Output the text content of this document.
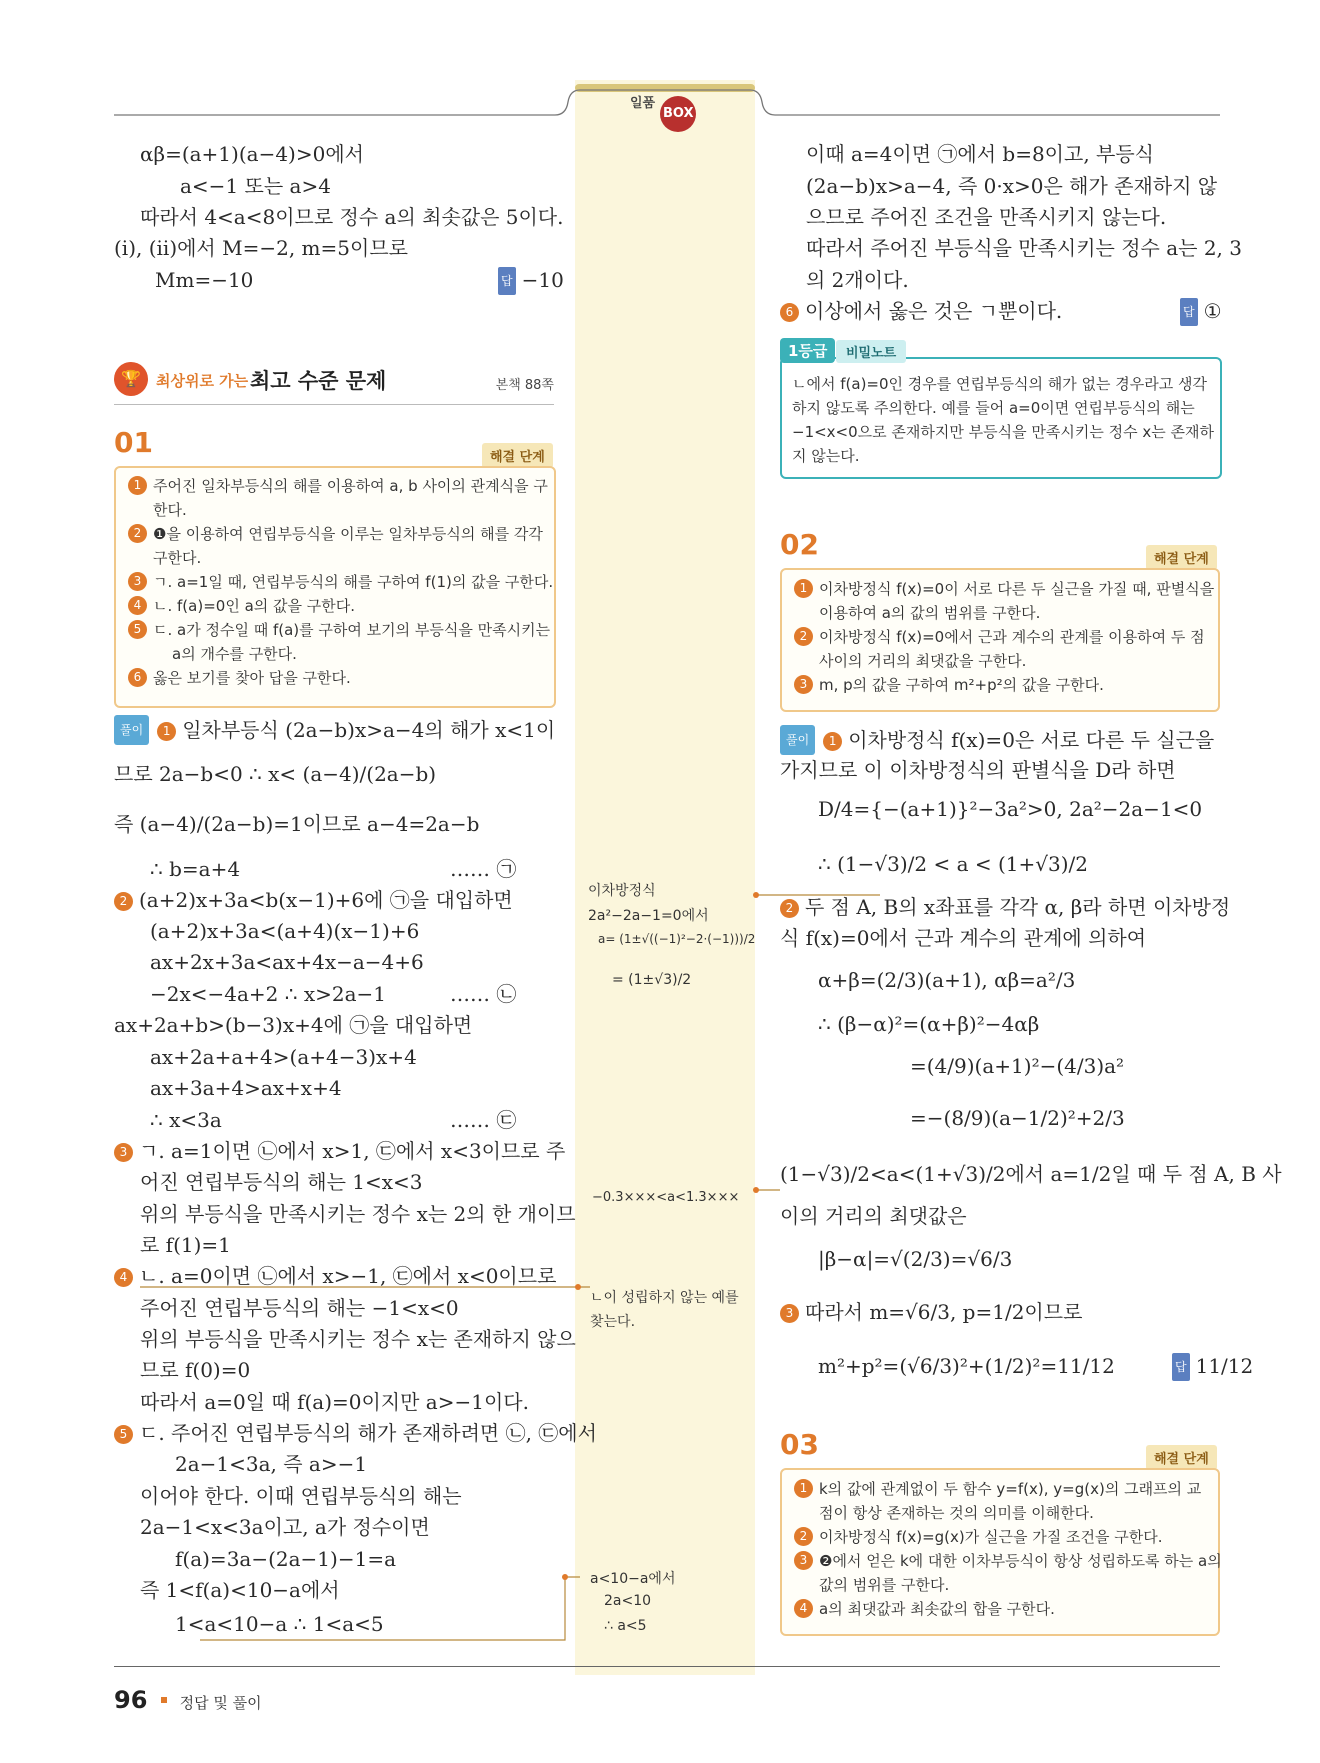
$^{일품}$ BOX
αβ=(a+1)(a−4)>0에서
a<−1 또는 a>4
따라서 4<a<8이므로 정수 a의 최솟값은 5이다.
(i), (ii)에서 M=−2, m=5이므로
Mm=−10	답 −10
🏆	최상위로 가는 최고 수준 문제	본책 88쪽
01	해결 단계
1 주어진 일차부등식의 해를 이용하여 a, b 사이의 관계식을 구
한다.
2 ❶을 이용하여 연립부등식을 이루는 일차부등식의 해를 각각
구한다.
3 ㄱ. a=1일 때, 연립부등식의 해를 구하여 f(1)의 값을 구한다.
4 ㄴ. f(a)=0인 a의 값을 구한다.
5 ㄷ. a가 정수일 때 f(a)를 구하여 보기의 부등식을 만족시키는
a의 개수를 구한다.
6 옳은 보기를 찾아 답을 구한다.
풀이 1 일차부등식 (2a−b)x>a−4의 해가 x<1이
므로 2a−b<0 ∴ x< (a−4)/(2a−b)
즉 (a−4)/(2a−b)=1이므로 a−4=2a−b
∴ b=a+4	…… ㉠
2 (a+2)x+3a<b(x−1)+6에 ㉠을 대입하면
(a+2)x+3a<(a+4)(x−1)+6
ax+2x+3a<ax+4x−a−4+6
−2x<−4a+2 ∴ x>2a−1	…… ㉡
ax+2a+b>(b−3)x+4에 ㉠을 대입하면
ax+2a+a+4>(a+4−3)x+4
ax+3a+4>ax+x+4
∴ x<3a	…… ㉢
3 ㄱ. a=1이면 ㉡에서 x>1, ㉢에서 x<3이므로 주
어진 연립부등식의 해는 1<x<3
위의 부등식을 만족시키는 정수 x는 2의 한 개이므
로 f(1)=1
4 ㄴ. a=0이면 ㉡에서 x>−1, ㉢에서 x<0이므로
주어진 연립부등식의 해는 −1<x<0
위의 부등식을 만족시키는 정수 x는 존재하지 않으
므로 f(0)=0
따라서 a=0일 때 f(a)=0이지만 a>−1이다.
5 ㄷ. 주어진 연립부등식의 해가 존재하려면 ㉡, ㉢에서
2a−1<3a, 즉 a>−1
이어야 한다. 이때 연립부등식의 해는
2a−1<x<3a이고, a가 정수이면
f(a)=3a−(2a−1)−1=a
즉 1<f(a)<10−a에서
1<a<10−a ∴ 1<a<5
이차방정식
2a²−2a−1=0에서
a= (1±√((−1)²−2·(−1)))/2
= (1±√3)/2
−0.3×××<a<1.3×××
ㄴ이 성립하지 않는 예를
찾는다.
a<10−a에서
2a<10
∴ a<5
이때 a=4이면 ㉠에서 b=8이고, 부등식
(2a−b)x>a−4, 즉 0·x>0은 해가 존재하지 않
으므로 주어진 조건을 만족시키지 않는다.
따라서 주어진 부등식을 만족시키는 정수 a는 2, 3
의 2개이다.
6 이상에서 옳은 것은 ㄱ뿐이다.	답 ①
1등급	비밀노트
ㄴ에서 f(a)=0인 경우를 연립부등식의 해가 없는 경우라고 생각
하지 않도록 주의한다. 예를 들어 a=0이면 연립부등식의 해는
−1<x<0으로 존재하지만 부등식을 만족시키는 정수 x는 존재하
지 않는다.
02	해결 단계
1 이차방정식 f(x)=0이 서로 다른 두 실근을 가질 때, 판별식을
이용하여 a의 값의 범위를 구한다.
2 이차방정식 f(x)=0에서 근과 계수의 관계를 이용하여 두 점
사이의 거리의 최댓값을 구한다.
3 m, p의 값을 구하여 m²+p²의 값을 구한다.
풀이 1 이차방정식 f(x)=0은 서로 다른 두 실근을
가지므로 이 이차방정식의 판별식을 D라 하면
D/4={−(a+1)}²−3a²>0, 2a²−2a−1<0
∴ (1−√3)/2 < a < (1+√3)/2
2 두 점 A, B의 x좌표를 각각 α, β라 하면 이차방정
식 f(x)=0에서 근과 계수의 관계에 의하여
α+β=(2/3)(a+1), αβ=a²/3
∴ (β−α)²=(α+β)²−4αβ
=(4/9)(a+1)²−(4/3)a²
=−(8/9)(a−1/2)²+2/3
(1−√3)/2<a<(1+√3)/2에서 a=1/2일 때 두 점 A, B 사
이의 거리의 최댓값은
|β−α|=√(2/3)=√6/3
3 따라서 m=√6/3, p=1/2이므로
m²+p²=(√6/3)²+(1/2)²=11/12	답 11/12
03	해결 단계
1 k의 값에 관계없이 두 함수 y=f(x), y=g(x)의 그래프의 교
점이 항상 존재하는 것의 의미를 이해한다.
2 이차방정식 f(x)=g(x)가 실근을 가질 조건을 구한다.
3 ❷에서 얻은 k에 대한 이차부등식이 항상 성립하도록 하는 a의
값의 범위를 구한다.
4 a의 최댓값과 최솟값의 합을 구한다.
96 정답 및 풀이
